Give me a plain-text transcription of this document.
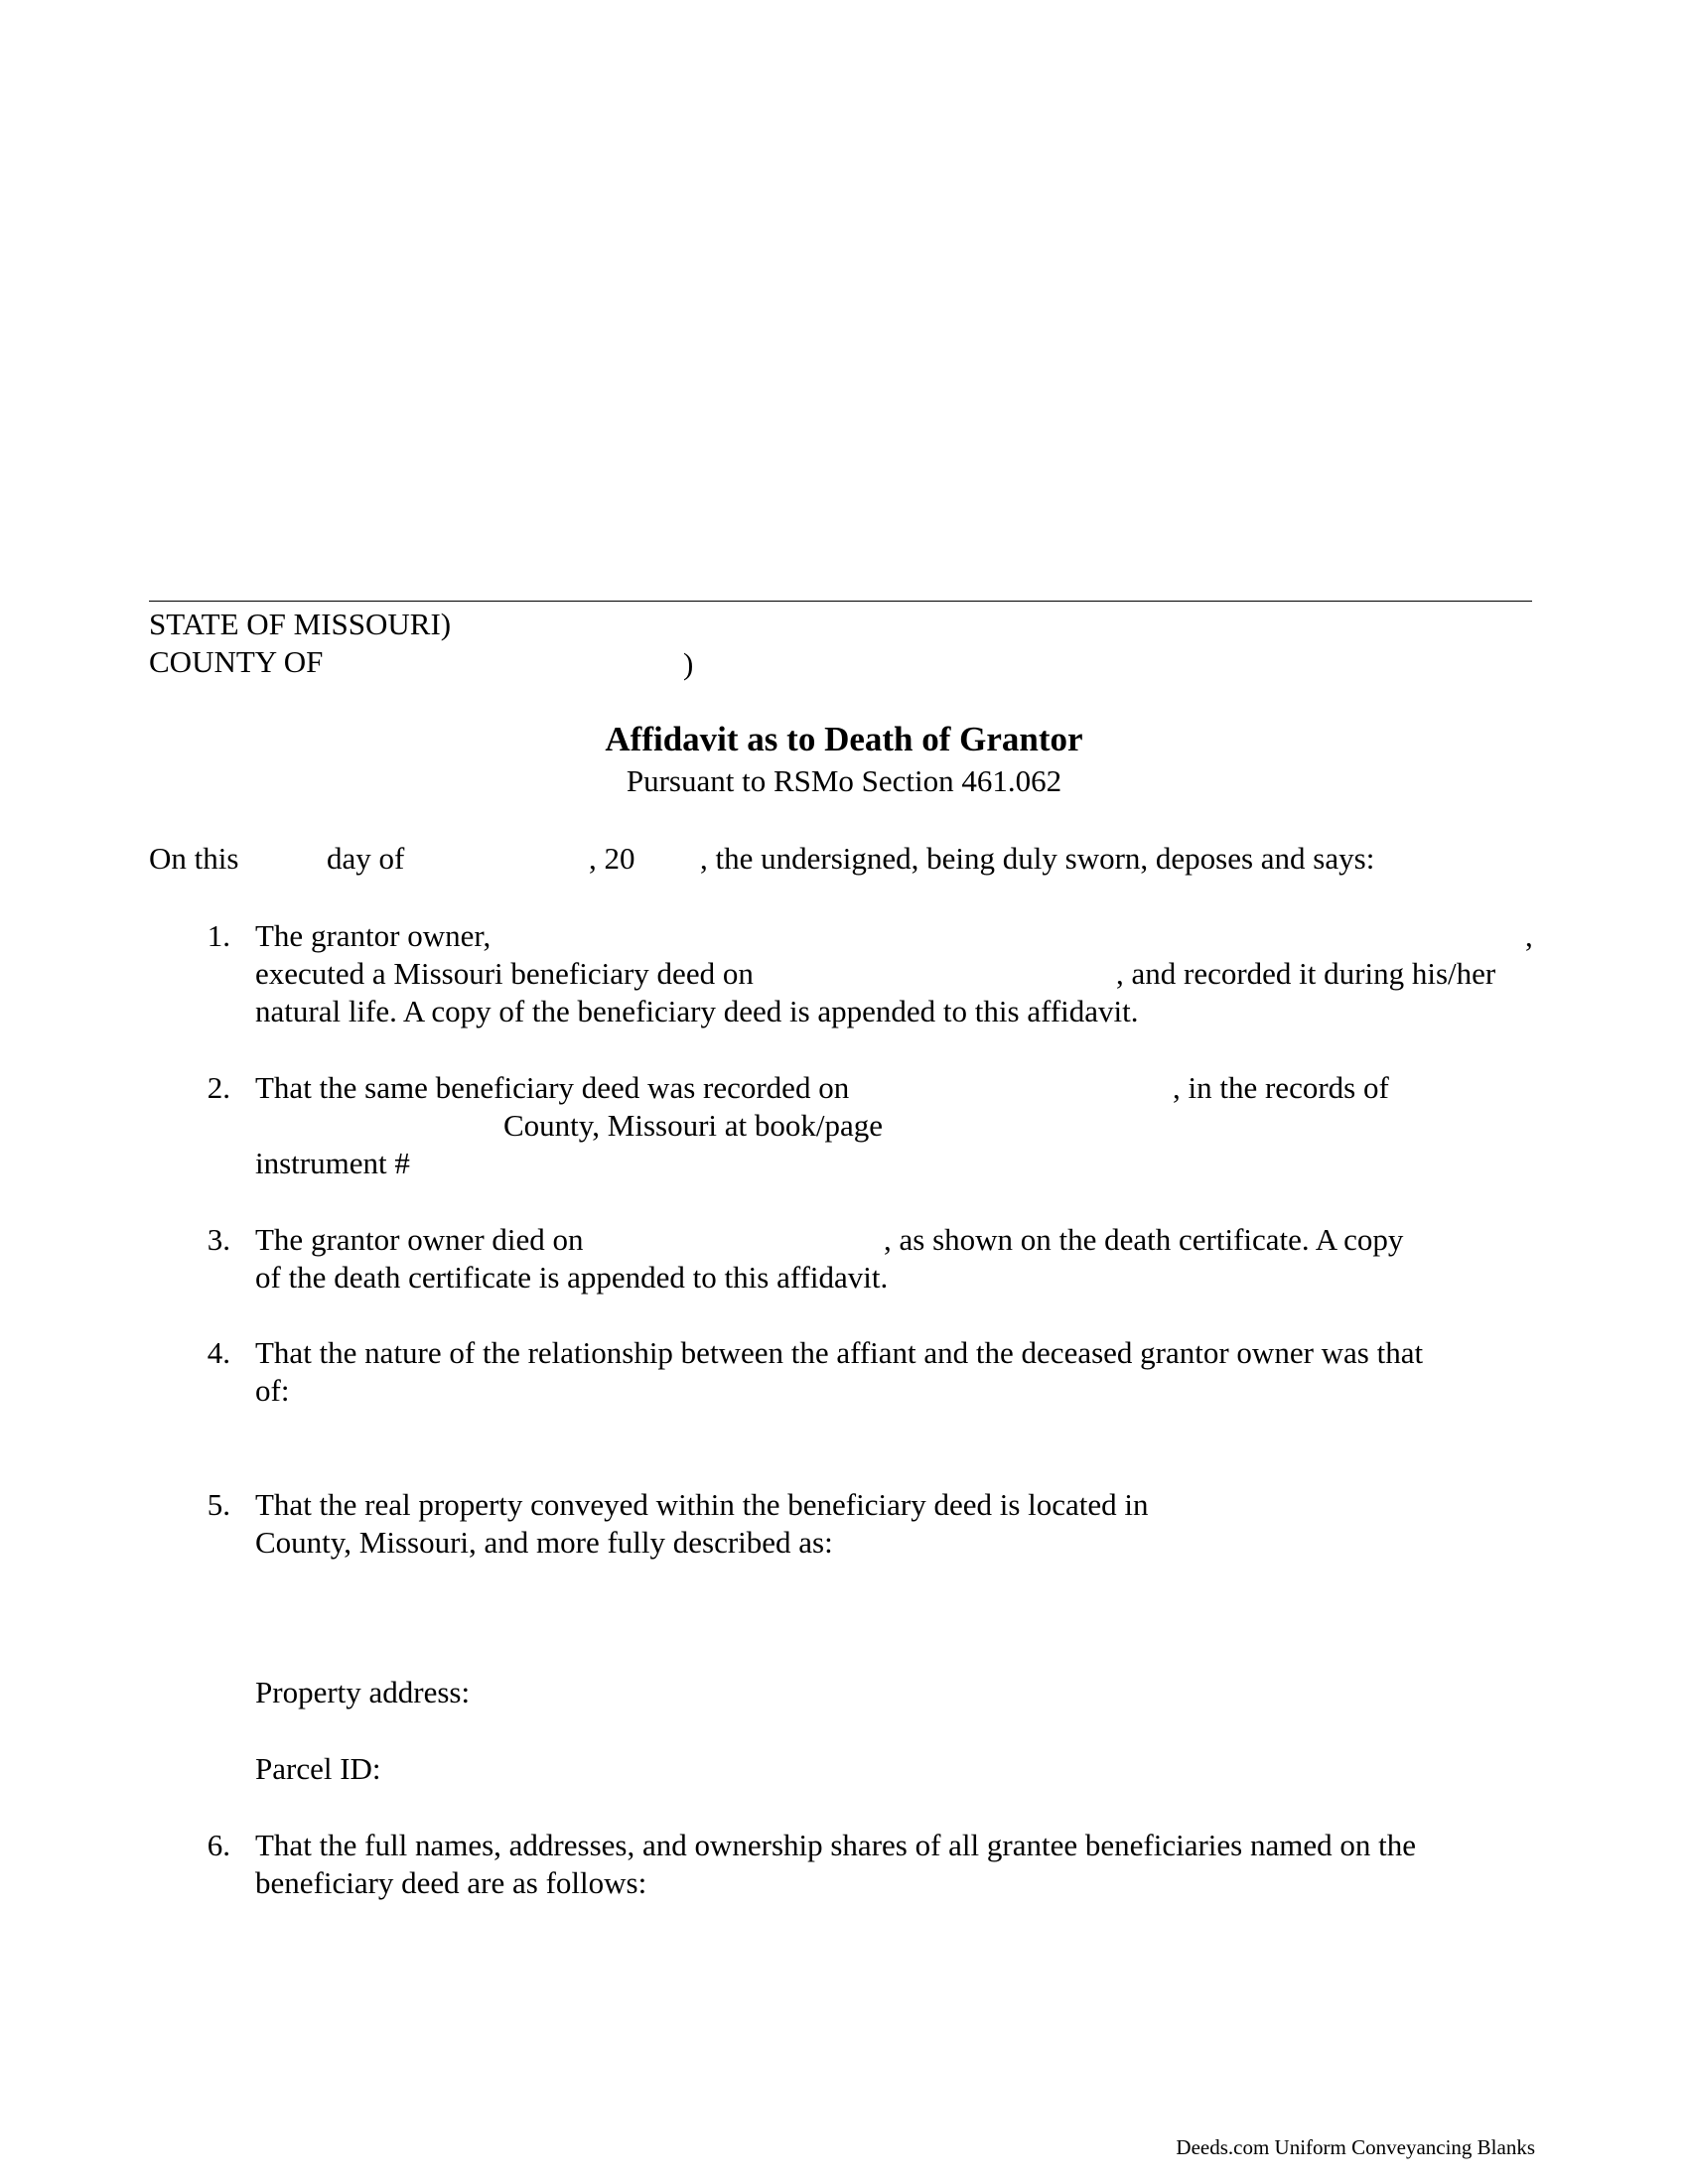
STATE OF MISSOURI)
COUNTY OF	)
Affidavit as to Death of Grantor
Pursuant to RSMo Section 461.062
On this	day of	, 20 , the undersigned, being duly sworn, deposes and says:
1. The grantor owner,	,
executed a Missouri beneficiary deed on	, and recorded it during his/her
natural life. A copy of the beneficiary deed is appended to this affidavit.
2. That the same beneficiary deed was recorded on	, in the records of
County, Missouri at book/page
instrument #
3. The grantor owner died on	, as shown on the death certificate. A copy
of the death certificate is appended to this affidavit.
4. That the nature of the relationship between the affiant and the deceased grantor owner was that
of:
5. That the real property conveyed within the beneficiary deed is located in
County, Missouri, and more fully described as:
Property address:
Parcel ID:
6. That the full names, addresses, and ownership shares of all grantee beneficiaries named on the
beneficiary deed are as follows:
Deeds.com Uniform Conveyancing Blanks
